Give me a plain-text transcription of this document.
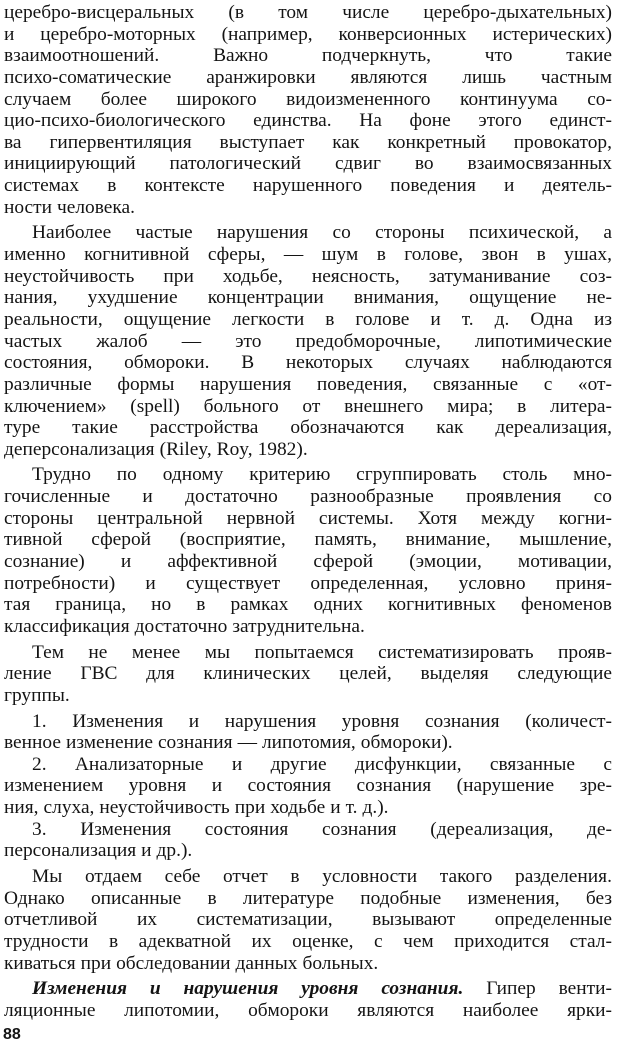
церебро-висцеральных (в том числе церебро-дыхательных)
и церебро-моторных (например, конверсионных истерических)
взаимоотношений.	Важно	подчеркнуть,	что	такие
психо-соматические аранжировки являются лишь частным
случаем более широкого видоизмененного континуума со-
цио-психо-биологического единства. На фоне этого единст-
ва гипервентиляция выступает как конкретный провокатор,
инициирующий патологический сдвиг во взаимосвязанных
системах в контексте нарушенного поведения и деятель-
ности человека.
Наиболее частые нарушения со стороны психической, а
именно когнитивной сферы, — шум в голове, звон в ушах,
неустойчивость при ходьбе, неясность, затуманивание соз-
нания, ухудшение концентрации внимания, ощущение не-
реальности, ощущение легкости в голове и т. д. Одна из
частых жалоб — это предобморочные, липотимические
состояния, обмороки. В некоторых случаях наблюдаются
различные формы нарушения поведения, связанные с «от-
ключением» (spell) больного от внешнего мира; в литера-
туре такие расстройства обозначаются как дереализация,
деперсонализация (Riley, Roy, 1982).
Трудно по одному критерию сгруппировать столь мно-
гочисленные и достаточно разнообразные проявления со
стороны центральной нервной системы. Хотя между когни-
тивной сферой (восприятие, память, внимание, мышление,
сознание) и аффективной сферой (эмоции, мотивации,
потребности) и существует определенная, условно приня-
тая граница, но в рамках одних когнитивных феноменов
классификация достаточно затруднительна.
Тем не менее мы попытаемся систематизировать прояв-
ление ГВС для клинических целей, выделяя следующие
группы.
1. Изменения и нарушения уровня сознания (количест-
венное изменение сознания — липотомия, обмороки).
2. Анализаторные и другие дисфункции, связанные с
изменением уровня и состояния сознания (нарушение зре-
ния, слуха, неустойчивость при ходьбе и т. д.).
3. Изменения состояния сознания (дереализация, де-
персонализация и др.).
Мы отдаем себе отчет в условности такого разделения.
Однако описанные в литературе подобные изменения, без
отчетливой их систематизации, вызывают определенные
трудности в адекватной их оценке, с чем приходится стал-
киваться при обследовании данных больных.
Изменения и нарушения уровня сознания. Гипер венти-
ляционные липотомии, обмороки являются наиболее ярки-
88
